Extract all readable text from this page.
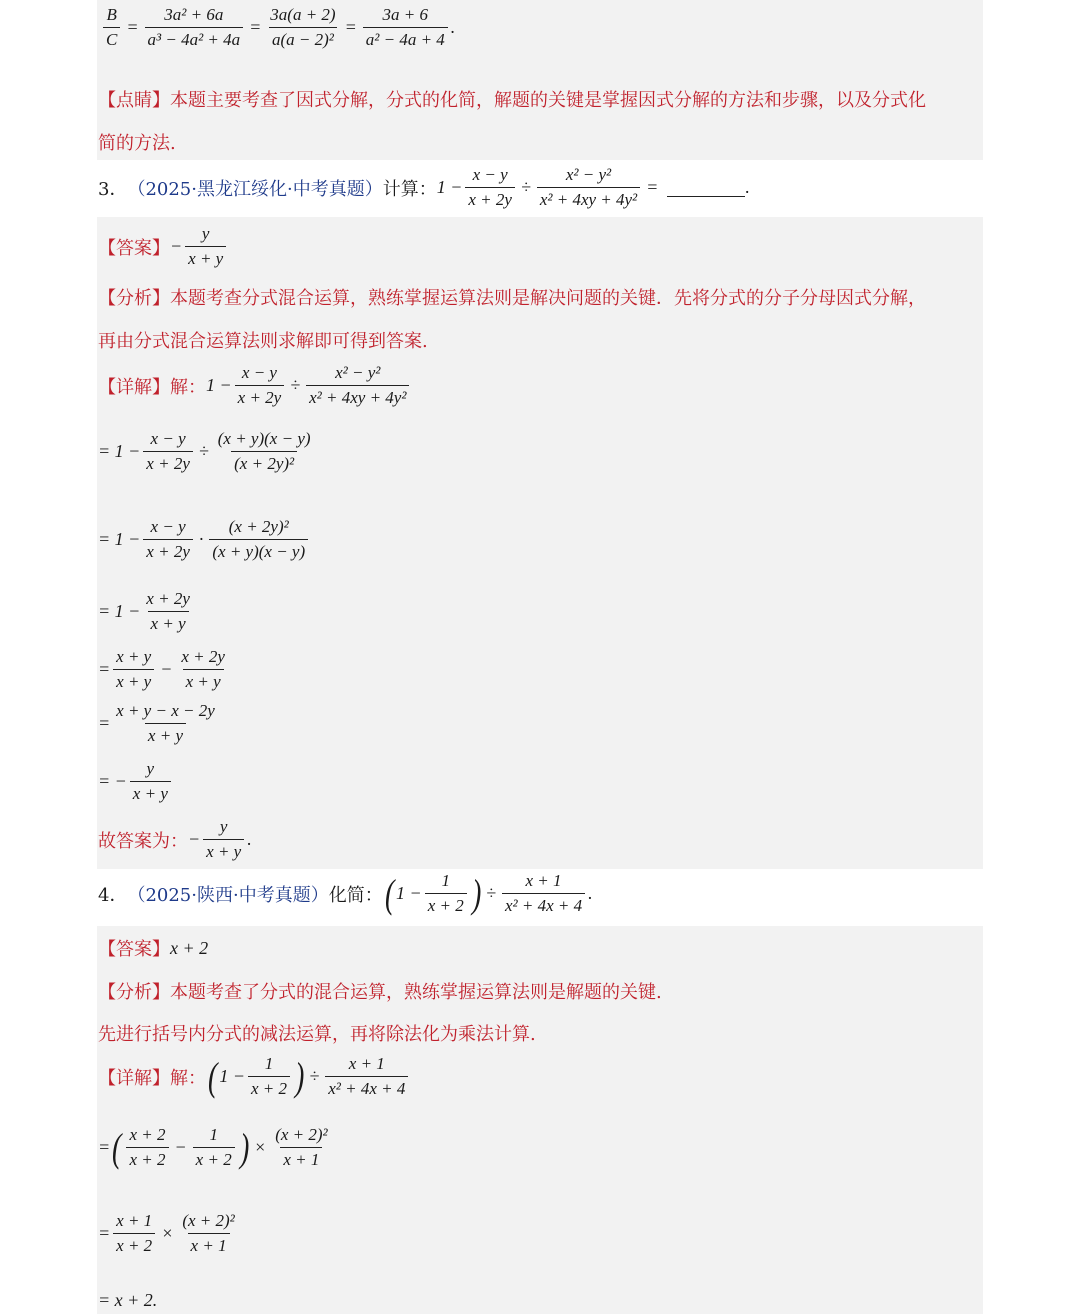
$\frac{B}{C} = \frac{\text{3a² + 6a}}{\text{a³ − 4a² + 4a}} = \frac{3a(a + 2)}{\text{a(a − 2)²}} = \frac{3a + 6}{\text{a² − 4a + 4}}$ .
【点睛】 本题主要考查了因式分解，分式的化简，解题的关键是掌握因式分解的方法和步骤，以及分式化
简的方法.
3． （2025·黑龙江绥化·中考真题） 计算： $1 - \frac{x - y}{x + 2y} \div \frac{\text{x² − y²}}{\text{x² + 4xy + 4y²}}$ =	.
【答案】 − $\frac{y}{x + y}$
【分析】 本题考查分式混合运算，熟练掌握运算法则是解决问题的关键．先将分式的分子分母因式分解，
再由分式混合运算法则求解即可得到答案.
【详解】 解： $1 - \frac{x - y}{x + 2y} \div \frac{\text{x² − y²}}{\text{x² + 4xy + 4y²}}$
= $1 - \frac{x - y}{x + 2y} \div \frac{(x + y)(x - y)}{\text{(x + 2y)²}}$
= $1 - \frac{x - y}{x + 2y} \cdot \frac{\text{(x + 2y)²}}{(x + y)(x - y)}$
= $1 - \frac{x + 2y}{x + y}$
= $\frac{x + y}{x + y} - \frac{x + 2y}{x + y}$
= $\frac{x + y - x - 2y}{x + y}$
= − $\frac{y}{x + y}$
故答案为： − $\frac{y}{x + y}$ .
4． （2025·陕西·中考真题） 化简： ( $1 - \frac{1}{x + 2}$ ) ÷ $\frac{x + 1}{\text{x² + 4x + 4}}$ .
【答案】 x + 2
【分析】 本题考查了分式的混合运算，熟练掌握运算法则是解题的关键.
先进行括号内分式的减法运算，再将除法化为乘法计算.
【详解】 解： ( $1 - \frac{1}{x + 2}$ ) ÷ $\frac{x + 1}{\text{x² + 4x + 4}}$
= ( $\frac{x + 2}{x + 2} - \frac{1}{x + 2}$ ) × $\frac{\text{(x + 2)²}}{x + 1}$
= $\frac{x + 1}{x + 2} \times \frac{\text{(x + 2)²}}{x + 1}$
= x + 2.
